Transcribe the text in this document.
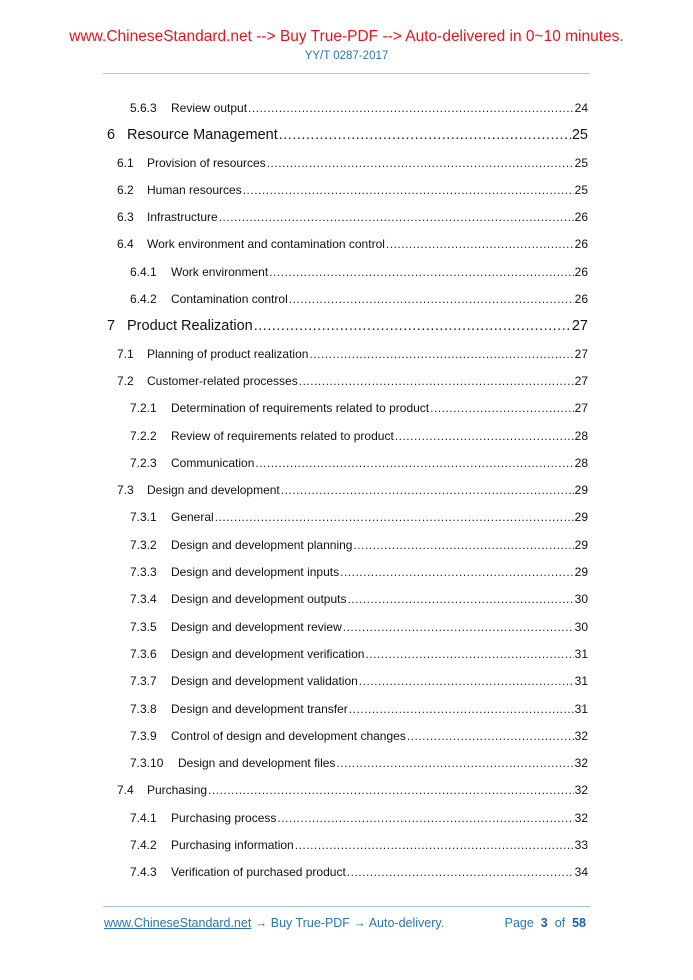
www.ChineseStandard.net --> Buy True-PDF --> Auto-delivered in 0~10 minutes.
YY/T 0287-2017
5.6.3	Review output .....	24
6 Resource Management .....	25
6.1	Provision of resources .....	25
6.2	Human resources .....	25
6.3	Infrastructure .....	26
6.4	Work environment and contamination control .....	26
6.4.1	Work environment .....	26
6.4.2	Contamination control .....	26
7 Product Realization .....	27
7.1	Planning of product realization .....	27
7.2	Customer-related processes .....	27
7.2.1	Determination of requirements related to product .....	27
7.2.2	Review of requirements related to product .....	28
7.2.3	Communication .....	28
7.3	Design and development .....	29
7.3.1	General .....	29
7.3.2	Design and development planning .....	29
7.3.3	Design and development inputs .....	29
7.3.4	Design and development outputs .....	30
7.3.5	Design and development review .....	30
7.3.6	Design and development verification .....	31
7.3.7	Design and development validation .....	31
7.3.8	Design and development transfer .....	31
7.3.9	Control of design and development changes .....	32
7.3.10	Design and development files .....	32
7.4	Purchasing .....	32
7.4.1	Purchasing process .....	32
7.4.2	Purchasing information .....	33
7.4.3	Verification of purchased product .....	34
www.ChineseStandard.net → Buy True-PDF → Auto-delivery.	Page 3 of 58
